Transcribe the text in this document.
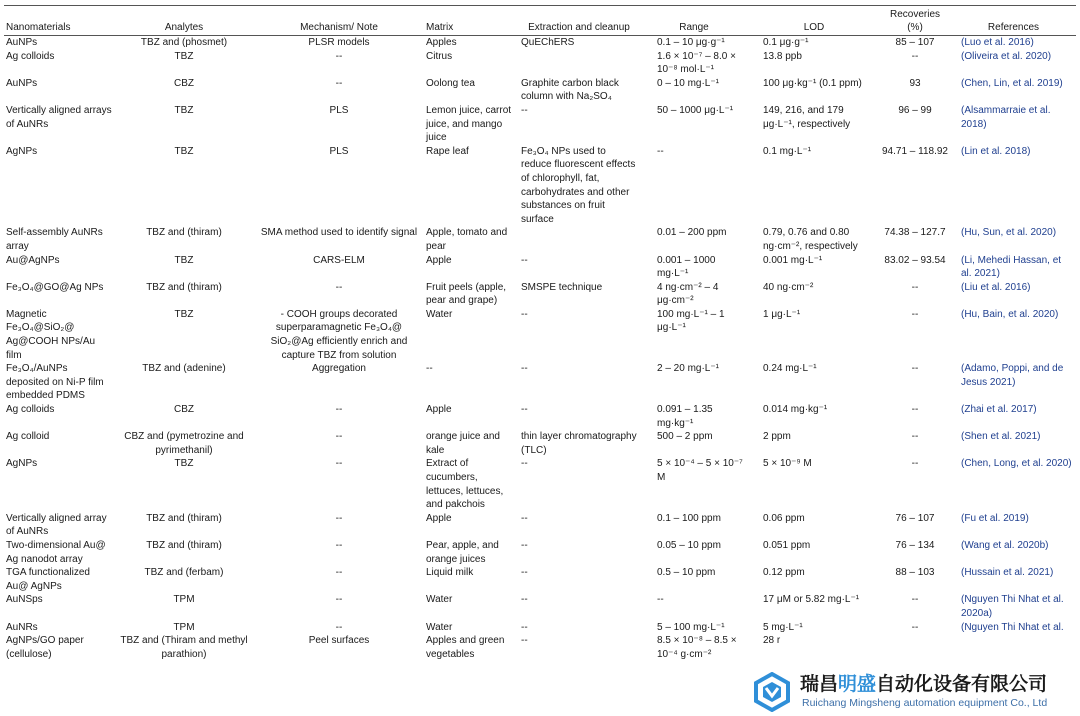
Nanomaterials	Analytes	Mechanism/ Note	Matrix	Extraction and cleanup	Range	LOD	Recoveries (%)	References
AuNPs	TBZ and (phosmet)	PLSR models	Apples	QuEChERS	0.1 – 10 μg·g⁻¹	0.1 μg·g⁻¹	85 – 107	(Luo et al. 2016)
Ag colloids	TBZ	--	Citrus		1.6 × 10⁻⁷ – 8.0 × 10⁻⁸ mol·L⁻¹	13.8 ppb	--	(Oliveira et al. 2020)
AuNPs	CBZ	--	Oolong tea	Graphite carbon black column with Na₂SO₄	0 – 10 mg·L⁻¹	100 μg·kg⁻¹ (0.1 ppm)	93	(Chen, Lin, et al. 2019)
Vertically aligned arrays of AuNRs	TBZ	PLS	Lemon juice, carrot juice, and mango juice	--	50 – 1000 μg·L⁻¹	149, 216, and 179 μg·L⁻¹, respectively	96 – 99	(Alsammarraie et al. 2018)
AgNPs	TBZ	PLS	Rape leaf	Fe₃O₄ NPs used to reduce fluorescent effects of chlorophyll, fat, carbohydrates and other substances on fruit surface	--	0.1 mg·L⁻¹	94.71 – 118.92	(Lin et al. 2018)
Self-assembly AuNRs array	TBZ and (thiram)	SMA method used to identify signal	Apple, tomato and pear		0.01 – 200 ppm	0.79, 0.76 and 0.80 ng·cm⁻², respectively	74.38 – 127.7	(Hu, Sun, et al. 2020)
Au@AgNPs	TBZ	CARS-ELM	Apple	--	0.001 – 1000 mg·L⁻¹	0.001 mg·L⁻¹	83.02 – 93.54	(Li, Mehedi Hassan, et al. 2021)
Fe₃O₄@GO@Ag NPs	TBZ and (thiram)	--	Fruit peels (apple, pear and grape)	SMSPE technique	4 ng·cm⁻² – 4 μg·cm⁻²	40 ng·cm⁻²	--	(Liu et al. 2016)
Magnetic Fe₃O₄@SiO₂@ Ag@COOH NPs/Au film	TBZ	- COOH groups decorated superparamagnetic Fe₃O₄@ SiO₂@Ag efficiently enrich and capture TBZ from solution	Water	--	100 mg·L⁻¹ – 1 μg·L⁻¹	1 μg·L⁻¹	--	(Hu, Bain, et al. 2020)
Fe₃O₄/AuNPs deposited on Ni-P film embedded PDMS	TBZ and (adenine)	Aggregation	--	--	2 – 20 mg·L⁻¹	0.24 mg·L⁻¹	--	(Adamo, Poppi, and de Jesus 2021)
Ag colloids	CBZ	--	Apple	--	0.091 – 1.35 mg·kg⁻¹	0.014 mg·kg⁻¹	--	(Zhai et al. 2017)
Ag colloid	CBZ and (pymetrozine and pyrimethanil)	--	orange juice and kale	thin layer chromatography (TLC)	500 – 2 ppm	2 ppm	--	(Shen et al. 2021)
AgNPs	TBZ	--	Extract of cucumbers, lettuces, lettuces, and pakchois	--	5 × 10⁻⁴ – 5 × 10⁻⁷ M	5 × 10⁻⁹ M	--	(Chen, Long, et al. 2020)
Vertically aligned array of AuNRs	TBZ and (thiram)	--	Apple	--	0.1 – 100 ppm	0.06 ppm	76 – 107	(Fu et al. 2019)
Two-dimensional Au@ Ag nanodot array	TBZ and (thiram)	--	Pear, apple, and orange juices	--	0.05 – 10 ppm	0.051 ppm	76 – 134	(Wang et al. 2020b)
TGA functionalized Au@ AgNPs	TBZ and (ferbam)	--	Liquid milk	--	0.5 – 10 ppm	0.12 ppm	88 – 103	(Hussain et al. 2021)
AuNSps	TPM	--	Water	--	--	17 μM or 5.82 mg·L⁻¹	--	(Nguyen Thi Nhat et al. 2020a)
AuNRs	TPM	--	Water	--	5 – 100 mg·L⁻¹	5 mg·L⁻¹	--	(Nguyen Thi Nhat et al.
AgNPs/GO paper (cellulose)	TBZ and (Thiram and methyl parathion)	Peel surfaces	Apples and green vegetables	--	8.5 × 10⁻⁸ – 8.5 × 10⁻⁴ g·cm⁻²	28 r		
瑞昌明盛自动化设备有限公司
Ruichang Mingsheng automation equipment Co., Ltd
